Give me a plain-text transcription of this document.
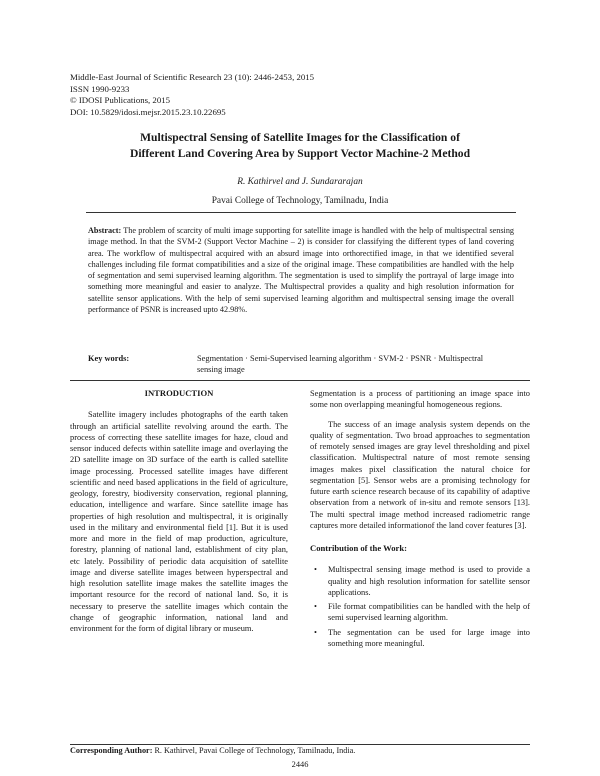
Middle-East Journal of Scientific Research 23 (10): 2446-2453, 2015
ISSN 1990-9233
© IDOSI Publications, 2015
DOI: 10.5829/idosi.mejsr.2015.23.10.22695
Multispectral Sensing of Satellite Images for the Classification of
Different Land Covering Area by Support Vector Machine-2 Method
R. Kathirvel and J. Sundararajan
Pavai College of Technology, Tamilnadu, India
Abstract: The problem of scarcity of multi image supporting for satellite image is handled with the help of multispectral sensing image method. In that the SVM-2 (Support Vector Machine – 2) is consider for classifying the different types of land covering area. The workflow of multispectral acquired with an absurd image into orthorectified image, in that we identified several challenges including file format compatibilities and a size of the original image. These compatibilities are handled with the help of segmentation and semi supervised learning algorithm. The segmentation is used to simplify the portrayal of large image into something more meaningful and easier to analyze. The Multispectral provides a quality and high resolution information for satellite sensor applications. With the help of semi supervised learning algorithm and multispectral sensing image the overall performance of PSNR is increased upto 42.98%.
Key words:	Segmentation · Semi-Supervised learning algorithm · SVM-2 · PSNR · Multispectral sensing image
INTRODUCTION

Satellite imagery includes photographs of the earth taken through an artificial satellite revolving around the earth. The process of correcting these satellite images for haze, cloud and sensor induced defects within satellite image and overlaying the 2D satellite image on 3D surface of the earth is called satellite image processing. Processed satellite images have different scientific and need based applications in the field of agriculture, geology, forestry, biodiversity conservation, regional planning, education, intelligence and warfare. Since satellite image has properties of high resolution and multispectral, it is originally used in the military and environmental field [1]. But it is used more and more in the field of map production, agriculture, forestry, planning of national land, establishment of city plan, etc lately. Possibility of periodic data acquisition of satellite image and diverse satellite images between hyperspectral and high resolution satellite image makes the satellite images the important resource for the record of national land. So, it is necessary to preserve the satellite images which contain the change of geographic information, national land and environment for the form of digital library or museum.

Segmentation is a process of partitioning an image space into some non overlapping meaningful homogeneous regions.

The success of an image analysis system depends on the quality of segmentation. Two broad approaches to segmentation of remotely sensed images are gray level thresholding and pixel classification. Multispectral nature of most remote sensing images makes pixel classification the natural choice for segmentation [5]. Sensor webs are a promising technology for future earth science research because of its capability of adaptive observation from a network of in-situ and remote sensors [13]. The multi spectral image method increased radiometric range captures more detailed informationof the land cover features [3].

Contribution of the Work:

• Multispectral sensing image method is used to provide a quality and high resolution information for satellite sensor applications.
• File format compatibilities can be handled with the help of semi supervised learning algorithm.
• The segmentation can be used for large image into something more meaningful.
Corresponding Author: R. Kathirvel, Pavai College of Technology, Tamilnadu, India.
2446
